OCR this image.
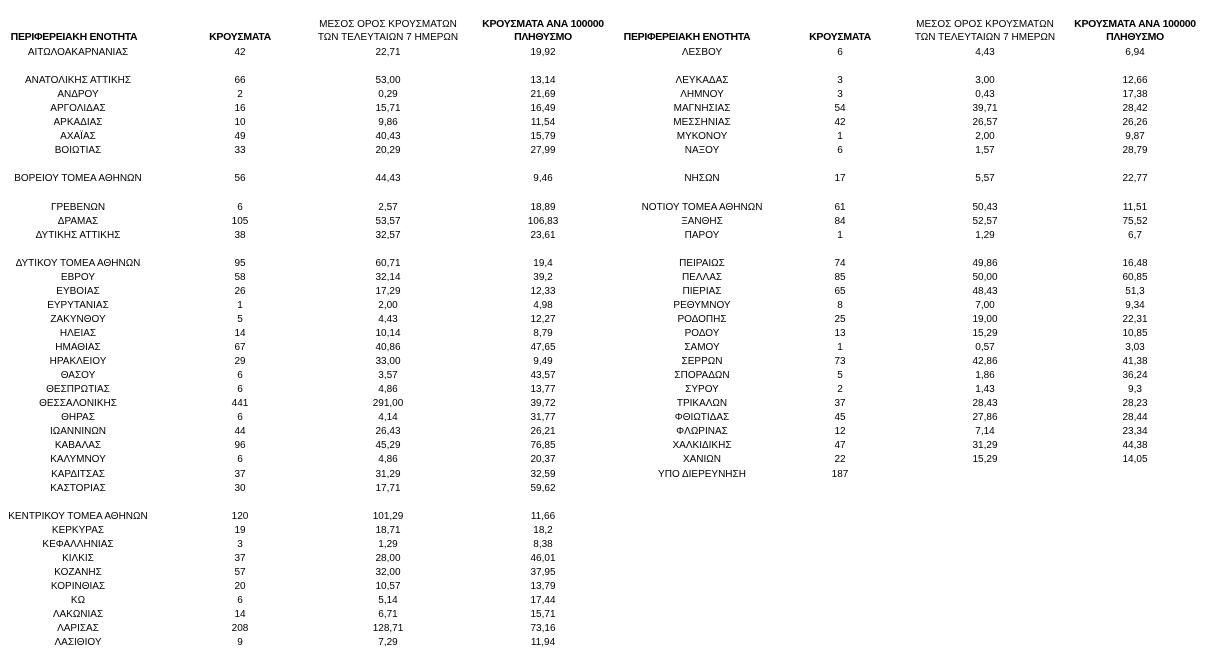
ΠΕΡΙΦΕΡΕΙΑΚΗ ΕΝΟΤΗΤΑ	ΚΡΟΥΣΜΑΤΑ
ΜΕΣΟΣ ΟΡΟΣ ΚΡΟΥΣΜΑΤΩΝ
ΤΩΝ ΤΕΛΕΥΤΑΙΩΝ 7 ΗΜΕΡΩΝ
ΚΡΟΥΣΜΑΤΑ ΑΝΑ 100000
ΠΛΗΘΥΣΜΟ
ΑΙΤΩΛΟΑΚΑΡΝΑΝΙΑΣ	42	22,71	19,92
ΑΝΑΤΟΛΙΚΗΣ ΑΤΤΙΚΗΣ	66	53,00	13,14
ΑΝΔΡΟΥ	2	0,29	21,69
ΑΡΓΟΛΙΔΑΣ	16	15,71	16,49
ΑΡΚΑΔΙΑΣ	10	9,86	11,54
ΑΧΑΪΑΣ	49	40,43	15,79
ΒΟΙΩΤΙΑΣ	33	20,29	27,99
ΒΟΡΕΙΟΥ ΤΟΜΕΑ ΑΘΗΝΩΝ	56	44,43	9,46
ΓΡΕΒΕΝΩΝ	6	2,57	18,89
ΔΡΑΜΑΣ	105	53,57	106,83
ΔΥΤΙΚΗΣ ΑΤΤΙΚΗΣ	38	32,57	23,61
ΔΥΤΙΚΟΥ ΤΟΜΕΑ ΑΘΗΝΩΝ	95	60,71	19,4
ΕΒΡΟΥ	58	32,14	39,2
ΕΥΒΟΙΑΣ	26	17,29	12,33
ΕΥΡΥΤΑΝΙΑΣ	1	2,00	4,98
ΖΑΚΥΝΘΟΥ	5	4,43	12,27
ΗΛΕΙΑΣ	14	10,14	8,79
ΗΜΑΘΙΑΣ	67	40,86	47,65
ΗΡΑΚΛΕΙΟΥ	29	33,00	9,49
ΘΑΣΟΥ	6	3,57	43,57
ΘΕΣΠΡΩΤΙΑΣ	6	4,86	13,77
ΘΕΣΣΑΛΟΝΙΚΗΣ	441	291,00	39,72
ΘΗΡΑΣ	6	4,14	31,77
ΙΩΑΝΝΙΝΩΝ	44	26,43	26,21
ΚΑΒΑΛΑΣ	96	45,29	76,85
ΚΑΛΥΜΝΟΥ	6	4,86	20,37
ΚΑΡΔΙΤΣΑΣ	37	31,29	32,59
ΚΑΣΤΟΡΙΑΣ	30	17,71	59,62
ΚΕΝΤΡΙΚΟΥ ΤΟΜΕΑ ΑΘΗΝΩΝ	120	101,29	11,66
ΚΕΡΚΥΡΑΣ	19	18,71	18,2
ΚΕΦΑΛΛΗΝΙΑΣ	3	1,29	8,38
ΚΙΛΚΙΣ	37	28,00	46,01
ΚΟΖΑΝΗΣ	57	32,00	37,95
ΚΟΡΙΝΘΙΑΣ	20	10,57	13,79
ΚΩ	6	5,14	17,44
ΛΑΚΩΝΙΑΣ	14	6,71	15,71
ΛΑΡΙΣΑΣ	208	128,71	73,16
ΛΑΣΙΘΙΟΥ	9	7,29	11,94
ΠΕΡΙΦΕΡΕΙΑΚΗ ΕΝΟΤΗΤΑ	ΚΡΟΥΣΜΑΤΑ
ΜΕΣΟΣ ΟΡΟΣ ΚΡΟΥΣΜΑΤΩΝ
ΤΩΝ ΤΕΛΕΥΤΑΙΩΝ 7 ΗΜΕΡΩΝ
ΚΡΟΥΣΜΑΤΑ ΑΝΑ 100000
ΠΛΗΘΥΣΜΟ
ΛΕΣΒΟΥ	6	4,43	6,94
ΛΕΥΚΑΔΑΣ	3	3,00	12,66
ΛΗΜΝΟΥ	3	0,43	17,38
ΜΑΓΝΗΣΙΑΣ	54	39,71	28,42
ΜΕΣΣΗΝΙΑΣ	42	26,57	26,26
ΜΥΚΟΝΟΥ	1	2,00	9,87
ΝΑΞΟΥ	6	1,57	28,79
ΝΗΣΩΝ	17	5,57	22,77
ΝΟΤΙΟΥ ΤΟΜΕΑ ΑΘΗΝΩΝ	61	50,43	11,51
ΞΑΝΘΗΣ	84	52,57	75,52
ΠΑΡΟΥ	1	1,29	6,7
ΠΕΙΡΑΙΩΣ	74	49,86	16,48
ΠΕΛΛΑΣ	85	50,00	60,85
ΠΙΕΡΙΑΣ	65	48,43	51,3
ΡΕΘΥΜΝΟΥ	8	7,00	9,34
ΡΟΔΟΠΗΣ	25	19,00	22,31
ΡΟΔΟΥ	13	15,29	10,85
ΣΑΜΟΥ	1	0,57	3,03
ΣΕΡΡΩΝ	73	42,86	41,38
ΣΠΟΡΑΔΩΝ	5	1,86	36,24
ΣΥΡΟΥ	2	1,43	9,3
ΤΡΙΚΑΛΩΝ	37	28,43	28,23
ΦΘΙΩΤΙΔΑΣ	45	27,86	28,44
ΦΛΩΡΙΝΑΣ	12	7,14	23,34
ΧΑΛΚΙΔΙΚΗΣ	47	31,29	44,38
ΧΑΝΙΩΝ	22	15,29	14,05
ΥΠΟ ΔΙΕΡΕΥΝΗΣΗ	187
